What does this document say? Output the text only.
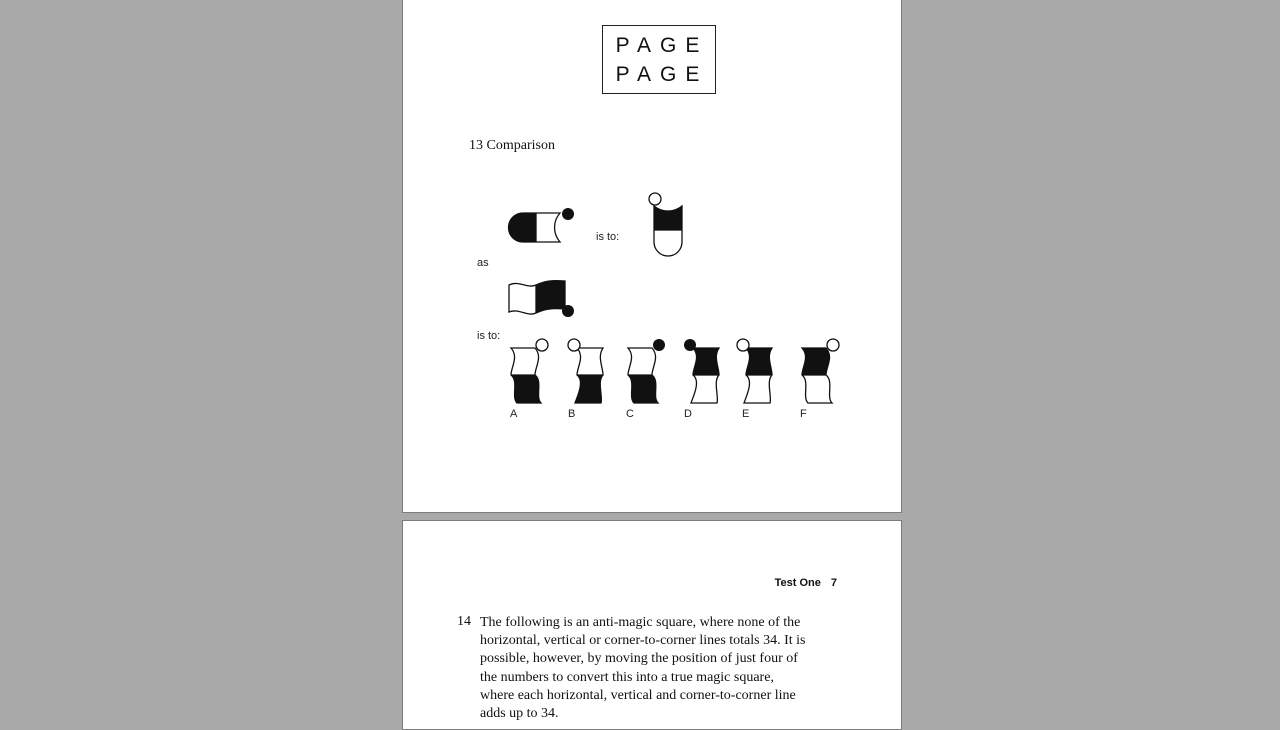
PAGE
PAGE
13 Comparison
is to:
as
is to:
A	B	C	D	E	F
Test One 7
14 The following is an anti-magic square, where none of the
horizontal, vertical or corner-to-corner lines totals 34. It is
possible, however, by moving the position of just four of
the numbers to convert this into a true magic square,
where each horizontal, vertical and corner-to-corner line
adds up to 34.
